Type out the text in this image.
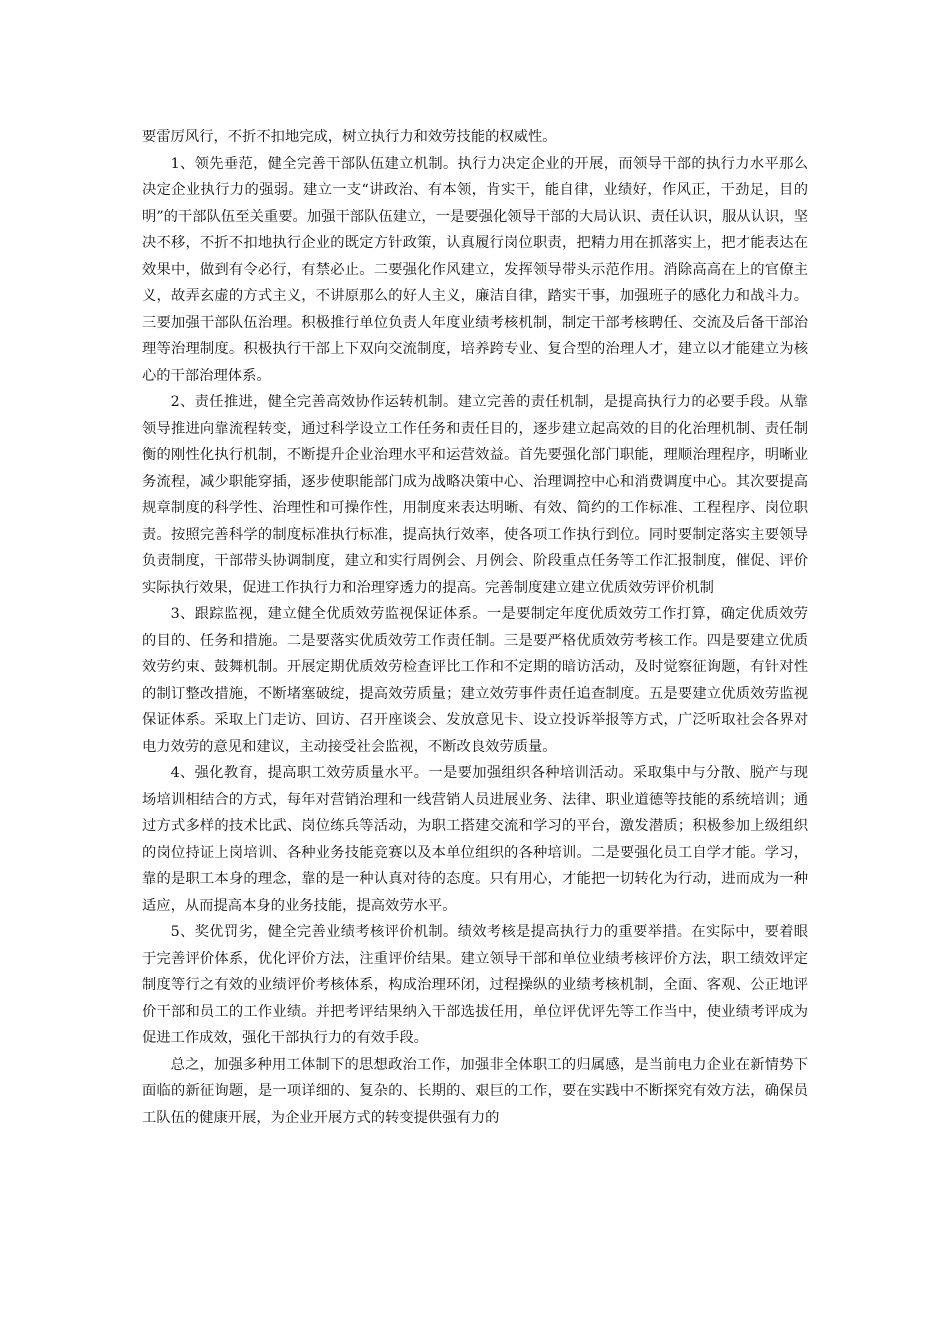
要雷厉风行，不折不扣地完成，树立执行力和效劳技能的权威性。

1、领先垂范，健全完善干部队伍建立机制。执行力决定企业的开展，而领导干部的执行力水平那么决定企业执行力的强弱。建立一支“讲政治、有本领，肯实干，能自律，业绩好，作风正，干劲足，目的明”的干部队伍至关重要。加强干部队伍建立，一是要强化领导干部的大局认识、责任认识，服从认识，坚决不移，不折不扣地执行企业的既定方针政策，认真履行岗位职责，把精力用在抓落实上，把才能表达在效果中，做到有令必行，有禁必止。二要强化作风建立，发挥领导带头示范作用。消除高高在上的官僚主义，故弄玄虚的方式主义，不讲原那么的好人主义，廉洁自律，踏实干事，加强班子的感化力和战斗力。三要加强干部队伍治理。积极推行单位负责人年度业绩考核机制，制定干部考核聘任、交流及后备干部治理等治理制度。积极执行干部上下双向交流制度，培养跨专业、复合型的治理人才，建立以才能建立为核心的干部治理体系。

2、责任推进，健全完善高效协作运转机制。建立完善的责任机制，是提高执行力的必要手段。从靠领导推进向靠流程转变，通过科学设立工作任务和责任目的，逐步建立起高效的目的化治理机制、责任制衡的刚性化执行机制，不断提升企业治理水平和运营效益。首先要强化部门职能，理顺治理程序，明晰业务流程，减少职能穿插，逐步使职能部门成为战略决策中心、治理调控中心和消费调度中心。其次要提高规章制度的科学性、治理性和可操作性，用制度来表达明晰、有效、简约的工作标准、工程程序、岗位职责。按照完善科学的制度标准执行标准，提高执行效率，使各项工作执行到位。同时要制定落实主要领导负责制度，干部带头协调制度，建立和实行周例会、月例会、阶段重点任务等工作汇报制度，催促、评价实际执行效果，促进工作执行力和治理穿透力的提高。完善制度建立建立优质效劳评价机制

3、跟踪监视，建立健全优质效劳监视保证体系。一是要制定年度优质效劳工作打算，确定优质效劳的目的、任务和措施。二是要落实优质效劳工作责任制。三是要严格优质效劳考核工作。四是要建立优质效劳约束、鼓舞机制。开展定期优质效劳检查评比工作和不定期的暗访活动，及时觉察征询题，有针对性的制订整改措施，不断堵塞破绽，提高效劳质量；建立效劳事件责任追查制度。五是要建立优质效劳监视保证体系。采取上门走访、回访、召开座谈会、发放意见卡、设立投诉举报等方式，广泛听取社会各界对电力效劳的意见和建议，主动接受社会监视，不断改良效劳质量。

4、强化教育，提高职工效劳质量水平。一是要加强组织各种培训活动。采取集中与分散、脱产与现场培训相结合的方式，每年对营销治理和一线营销人员进展业务、法律、职业道德等技能的系统培训；通过方式多样的技术比武、岗位练兵等活动，为职工搭建交流和学习的平台，激发潜质；积极参加上级组织的岗位持证上岗培训、各种业务技能竞赛以及本单位组织的各种培训。二是要强化员工自学才能。学习，靠的是职工本身的理念，靠的是一种认真对待的态度。只有用心，才能把一切转化为行动，进而成为一种适应，从而提高本身的业务技能，提高效劳水平。

5、奖优罚劣，健全完善业绩考核评价机制。绩效考核是提高执行力的重要举措。在实际中，要着眼于完善评价体系，优化评价方法，注重评价结果。建立领导干部和单位业绩考核评价方法，职工绩效评定制度等行之有效的业绩评价考核体系，构成治理环闭，过程操纵的业绩考核机制，全面、客观、公正地评价干部和员工的工作业绩。并把考评结果纳入干部选拔任用，单位评优评先等工作当中，使业绩考评成为促进工作成效，强化干部执行力的有效手段。

总之，加强多种用工体制下的思想政治工作，加强非全体职工的归属感，是当前电力企业在新情势下面临的新征询题，是一项详细的、复杂的、长期的、艰巨的工作，要在实践中不断探究有效方法，确保员工队伍的健康开展，为企业开展方式的转变提供强有力的
